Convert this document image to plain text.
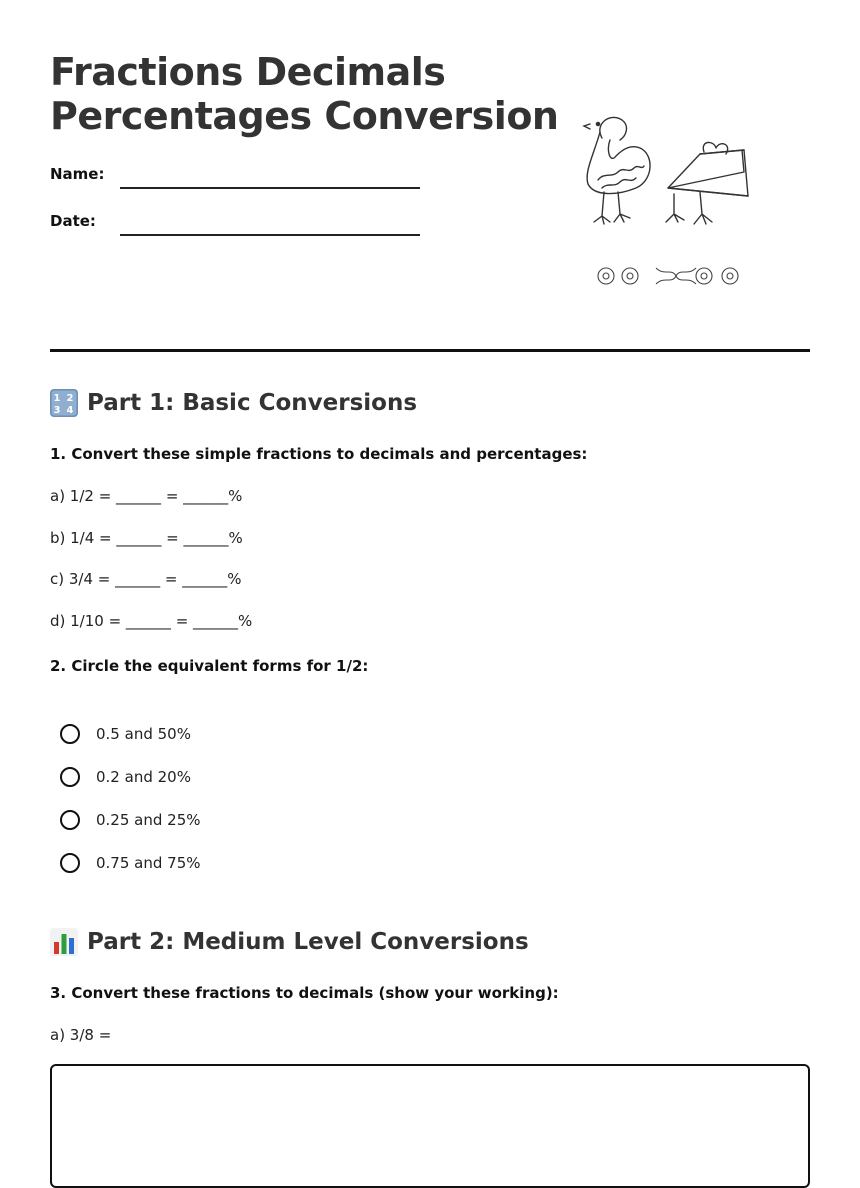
Fractions Decimals
Percentages Conversion
Name:
Date:
1 2
3 4 Part 1: Basic Conversions
1. Convert these simple fractions to decimals and percentages:
a) 1/2 = ______ = ______%
b) 1/4 = ______ = ______%
c) 3/4 = ______ = ______%
d) 1/10 = ______ = ______%
2. Circle the equivalent forms for 1/2:
0.5 and 50%
0.2 and 20%
0.25 and 25%
0.75 and 75%
Part 2: Medium Level Conversions
3. Convert these fractions to decimals (show your working):
a) 3/8 =
